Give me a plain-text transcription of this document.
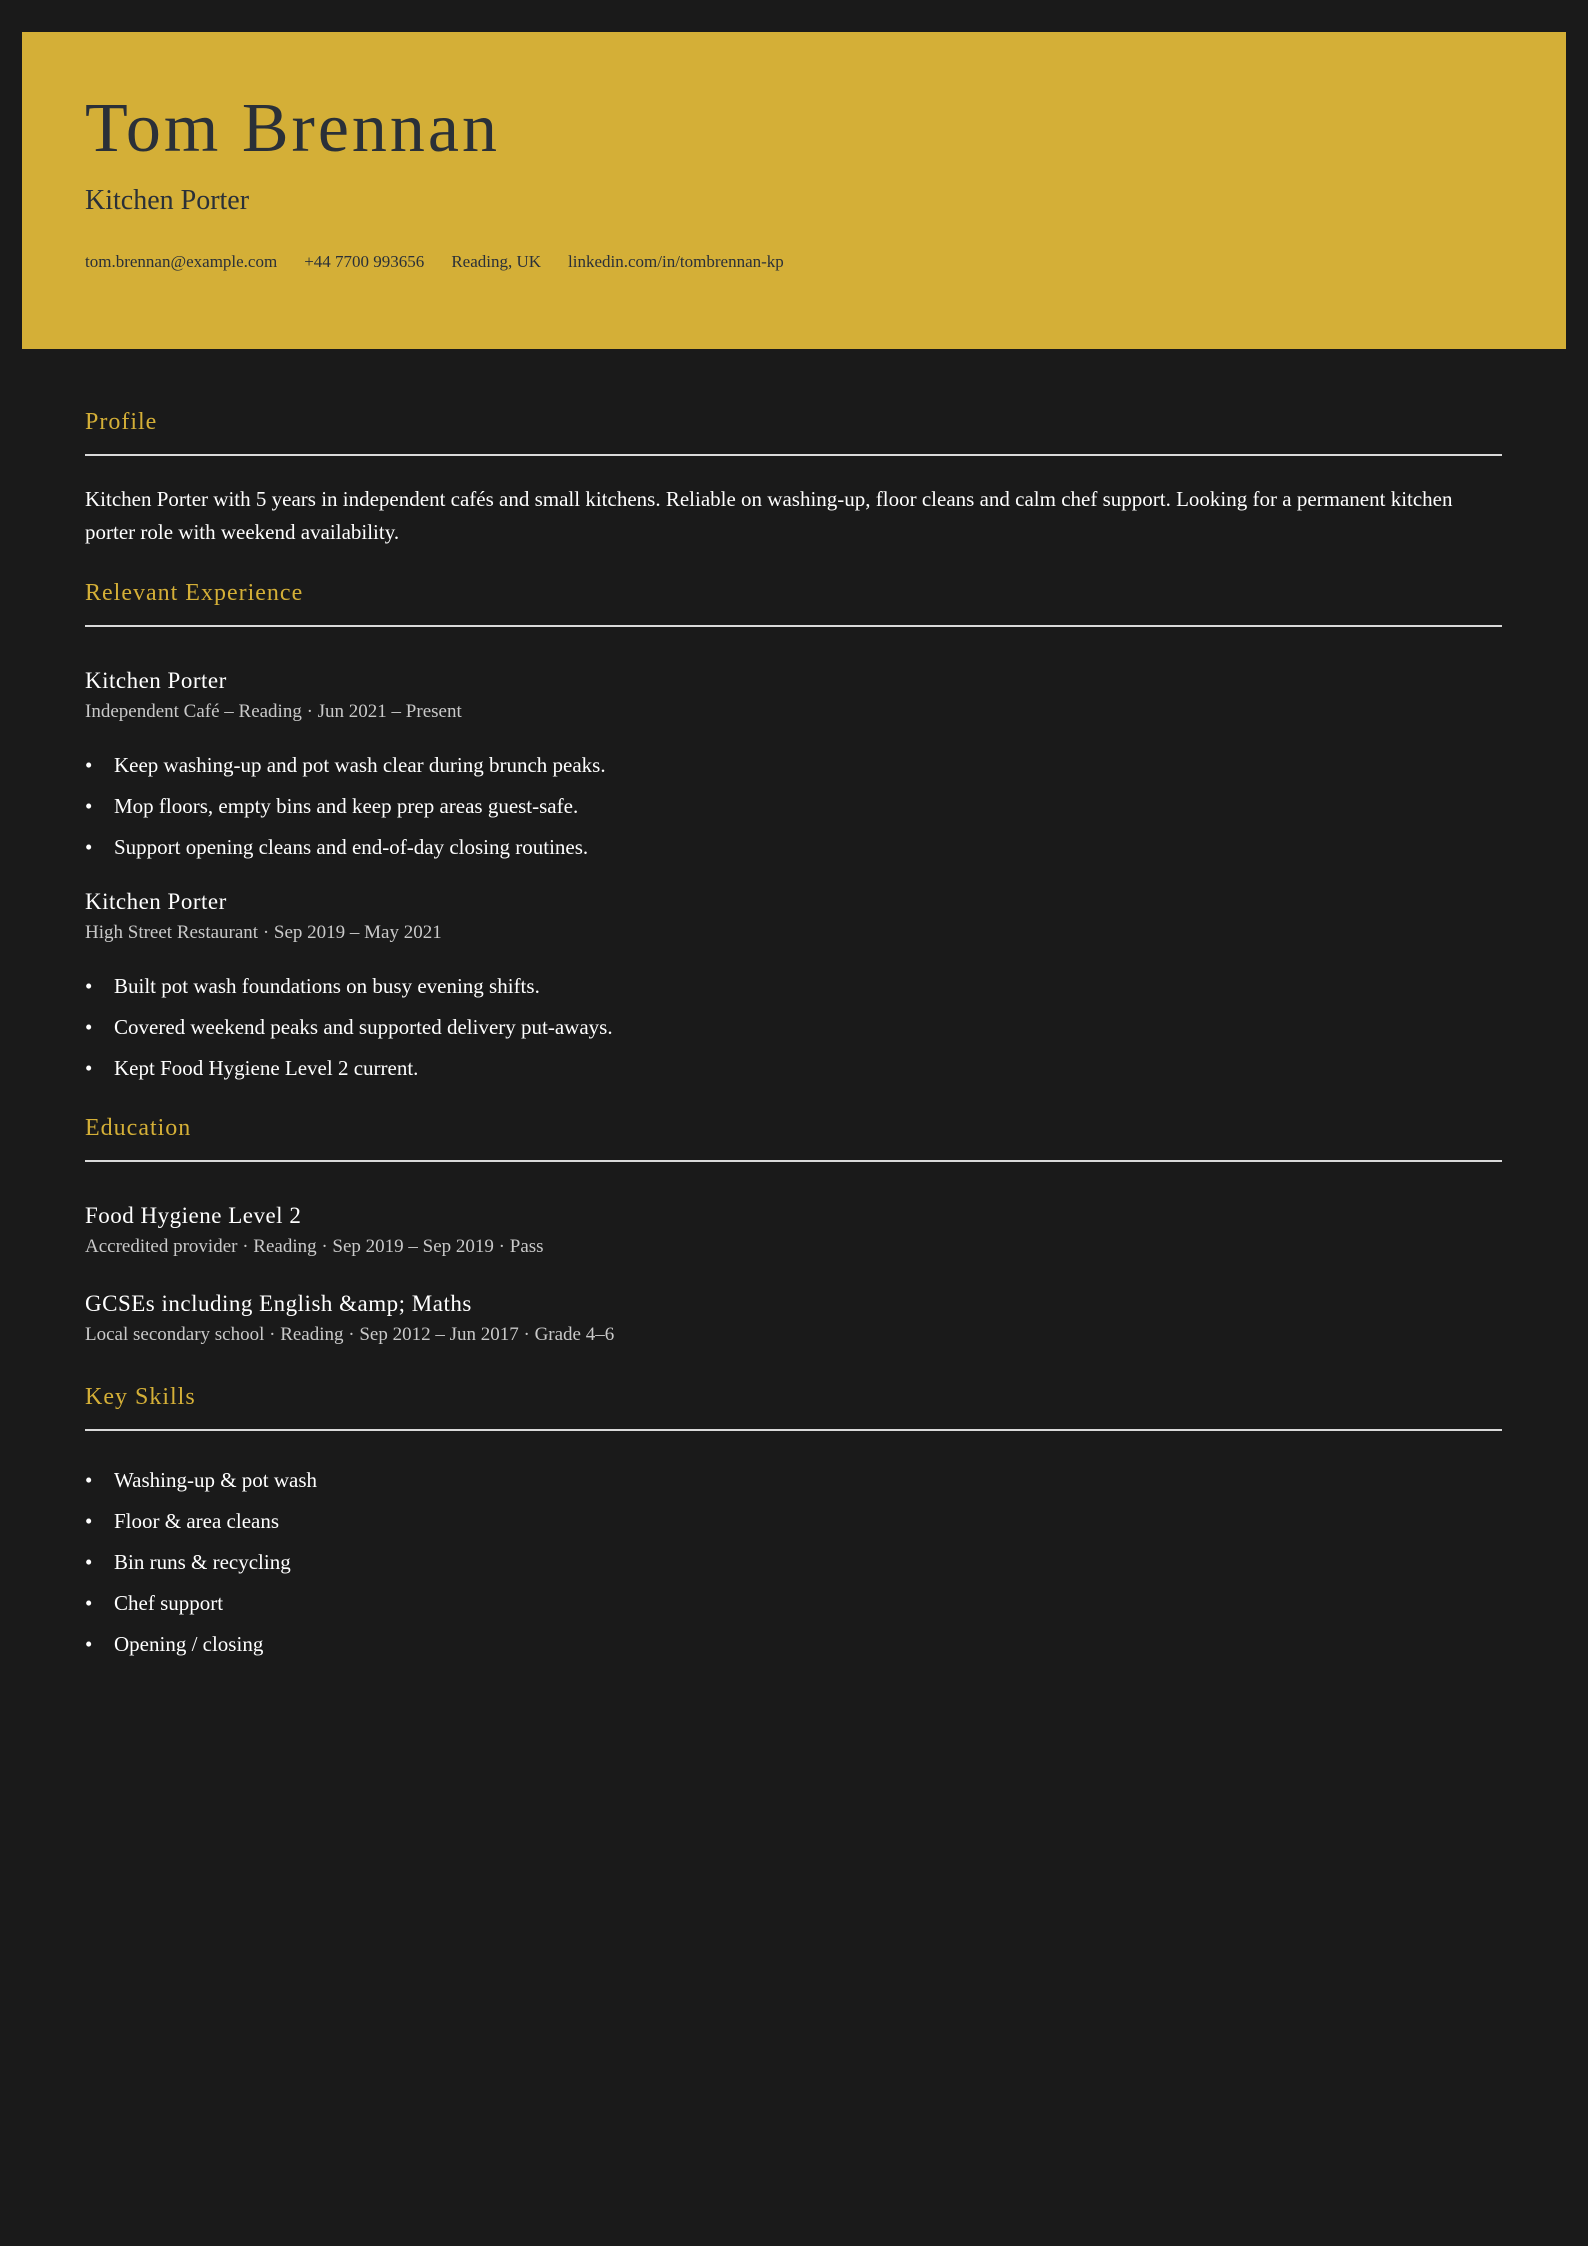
Tom Brennan
Kitchen Porter
tom.brennan@example.com +44 7700 993656 Reading, UK linkedin.com/in/tombrennan-kp
Profile
Kitchen Porter with 5 years in independent cafés and small kitchens. Reliable on washing-up, floor cleans and calm chef support. Looking for a permanent kitchen porter role with weekend availability.
Relevant Experience
Kitchen Porter
Independent Café – Reading · Jun 2021 – Present
• Keep washing-up and pot wash clear during brunch peaks.
• Mop floors, empty bins and keep prep areas guest-safe.
• Support opening cleans and end-of-day closing routines.
Kitchen Porter
High Street Restaurant · Sep 2019 – May 2021
• Built pot wash foundations on busy evening shifts.
• Covered weekend peaks and supported delivery put-aways.
• Kept Food Hygiene Level 2 current.
Education
Food Hygiene Level 2
Accredited provider · Reading · Sep 2019 – Sep 2019 · Pass
GCSEs including English &amp; Maths
Local secondary school · Reading · Sep 2012 – Jun 2017 · Grade 4–6
Key Skills
• Washing-up & pot wash
• Floor & area cleans
• Bin runs & recycling
• Chef support
• Opening / closing
